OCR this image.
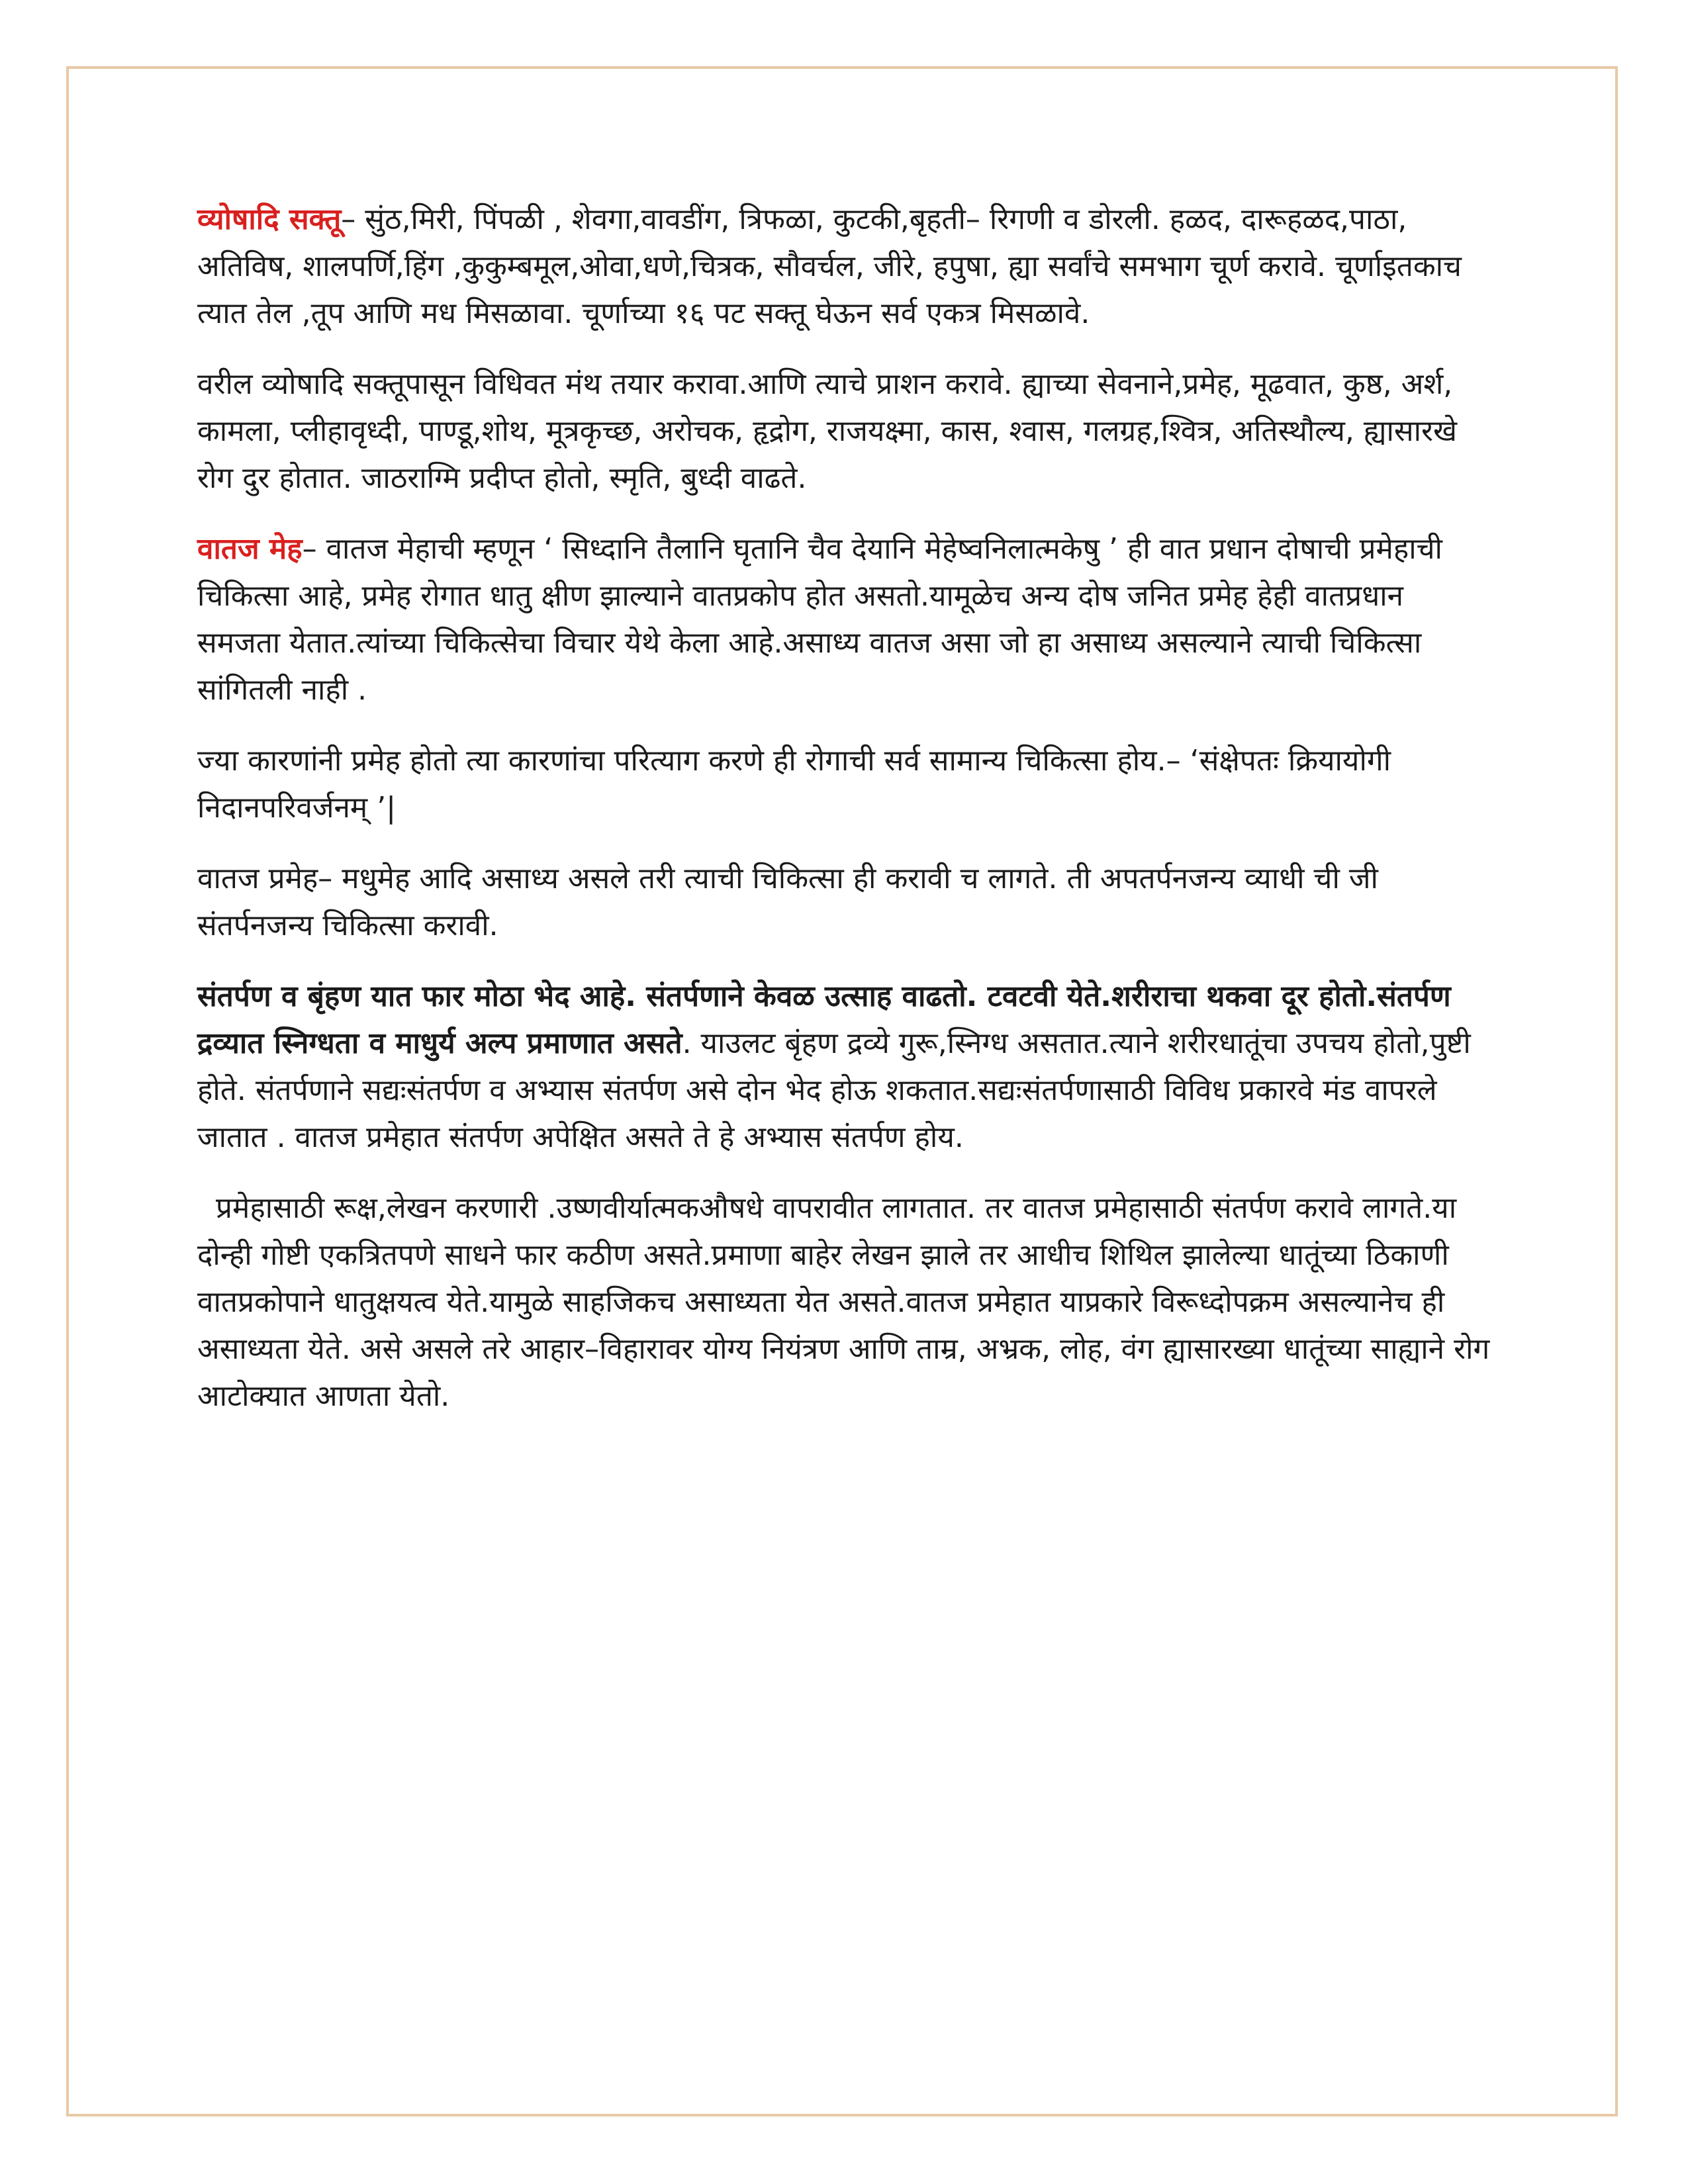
व्योषादि सक्तू– सुंठ,मिरी, पिंपळी , शेवगा,वावडींग, त्रिफळा, कुटकी,बृहती– रिगणी व डोरली. हळद, दारूहळद,पाठा, अतिविष, शालपर्णि,हिंग ,कुकुम्बमूल,ओवा,धणे,चित्रक, सौवर्चल, जीरे, हपुषा, ह्या सर्वांचे समभाग चूर्ण करावे. चूर्णाइतकाच त्यात तेल ,तूप आणि मध मिसळावा. चूर्णाच्या १६ पट सक्तू घेऊन सर्व एकत्र मिसळावे.

वरील व्योषादि सक्तूपासून विधिवत मंथ तयार करावा.आणि त्याचे प्राशन करावे. ह्याच्या सेवनाने,प्रमेह, मूढवात, कुष्ठ, अर्श, कामला, प्लीहावृध्दी, पाण्डू,शोथ, मूत्रकृच्छ, अरोचक, हृद्रोग, राजयक्ष्मा, कास, श्वास, गलग्रह,श्वित्र, अतिस्थौल्य, ह्यासारखे रोग दुर होतात. जाठराग्मि प्रदीप्त होतो, स्मृति, बुध्दी वाढते.

वातज मेह– वातज मेहाची म्हणून ‘ सिध्दानि तैलानि घृतानि चैव देयानि मेहेष्वनिलात्मकेषु ’ ही वात प्रधान दोषाची प्रमेहाची चिकित्सा आहे, प्रमेह रोगात धातु क्षीण झाल्याने वातप्रकोप होत असतो.यामूळेच अन्य दोष जनित प्रमेह हेही वातप्रधान समजता येतात.त्यांच्या चिकित्सेचा विचार येथे केला आहे.असाध्य वातज असा जो हा असाध्य असल्याने त्याची चिकित्सा सांगितली नाही .

ज्या कारणांनी प्रमेह होतो त्या कारणांचा परित्याग करणे ही रोगाची सर्व सामान्य चिकित्सा होय.– ‘संक्षेपतः क्रियायोगी निदानपरिवर्जनम् ’|

वातज प्रमेह– मधुमेह आदि असाध्य असले तरी त्याची चिकित्सा ही करावी च लागते. ती अपतर्पनजन्य व्याधी ची जी संतर्पनजन्य चिकित्सा करावी.

संतर्पण व बृंहण यात फार मोठा भेद आहे. संतर्पणाने केवळ उत्साह वाढतो. टवटवी येते.शरीराचा थकवा दूर होतो.संतर्पण द्रव्यात स्निग्धता व माधुर्य अल्प प्रमाणात असते. याउलट बृंहण द्रव्ये गुरू,स्निग्ध असतात.त्याने शरीरधातूंचा उपचय होतो,पुष्टी होते. संतर्पणाने सद्यःसंतर्पण व अभ्यास संतर्पण असे दोन भेद होऊ शकतात.सद्यःसंतर्पणासाठी विविध प्रकारवे मंड वापरले जातात . वातज प्रमेहात संतर्पण अपेक्षित असते ते हे अभ्यास संतर्पण होय.

प्रमेहासाठी रूक्ष,लेखन करणारी .उष्णवीर्यात्मकऔषधे वापरावीत लागतात. तर वातज प्रमेहासाठी संतर्पण करावे लागते.या दोन्ही गोष्टी एकत्रितपणे साधने फार कठीण असते.प्रमाणा बाहेर लेखन झाले तर आधीच शिथिल झालेल्या धातूंच्या ठिकाणी वातप्रकोपाने धातुक्षयत्व येते.यामुळे साहजिकच असाध्यता येत असते.वातज प्रमेहात याप्रकारे विरूध्दोपक्रम असल्यानेच ही असाध्यता येते. असे असले तरे आहार–विहारावर योग्य नियंत्रण आणि ताम्र, अभ्रक, लोह, वंग ह्यासारख्या धातूंच्या साह्याने रोग आटोक्यात आणता येतो.
